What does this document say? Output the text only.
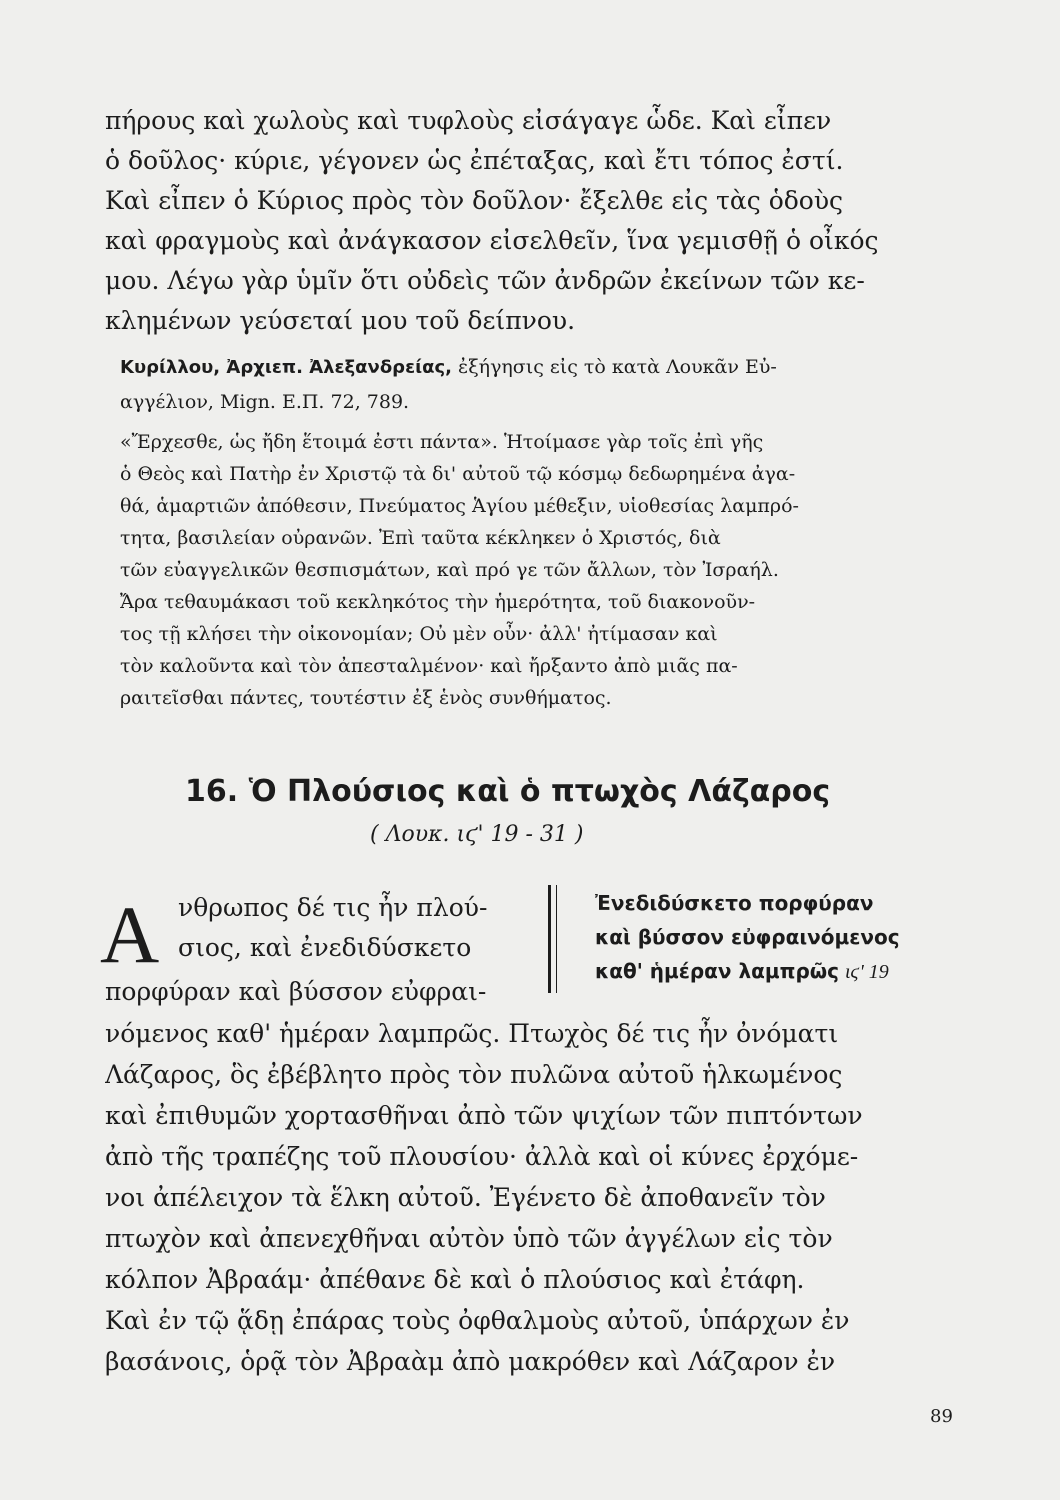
πήρους καὶ χωλοὺς καὶ τυφλοὺς εἰσάγαγε ὧδε. Καὶ εἶπεν
ὁ δοῦλος· κύριε, γέγονεν ὡς ἐπέταξας, καὶ ἔτι τόπος ἐστί.
Καὶ εἶπεν ὁ Κύριος πρὸς τὸν δοῦλον· ἔξελθε εἰς τὰς ὁδοὺς
καὶ φραγμοὺς καὶ ἀνάγκασον εἰσελθεῖν, ἵνα γεμισθῇ ὁ οἶκός
μου. Λέγω γὰρ ὑμῖν ὅτι οὐδεὶς τῶν ἀνδρῶν ἐκείνων τῶν κε-
κλημένων γεύσεταί μου τοῦ δείπνου.
Κυρίλλου, Ἀρχιεπ. Ἀλεξανδρείας, ἐξήγησις εἰς τὸ κατὰ Λουκᾶν Εὐ-
αγγέλιον, Mign. Ε.Π. 72, 789.
«Ἔρχεσθε, ὡς ἤδη ἕτοιμά ἐστι πάντα». Ἡτοίμασε γὰρ τοῖς ἐπὶ γῆς
ὁ Θεὸς καὶ Πατὴρ ἐν Χριστῷ τὰ δι' αὐτοῦ τῷ κόσμῳ δεδωρημένα ἀγα-
θά, ἁμαρτιῶν ἀπόθεσιν, Πνεύματος Ἁγίου μέθεξιν, υἱοθεσίας λαμπρό-
τητα, βασιλείαν οὐρανῶν. Ἐπὶ ταῦτα κέκληκεν ὁ Χριστός, διὰ
τῶν εὐαγγελικῶν θεσπισμάτων, καὶ πρό γε τῶν ἄλλων, τὸν Ἰσραήλ.
Ἄρα τεθαυμάκασι τοῦ κεκληκότος τὴν ἡμερότητα, τοῦ διακονοῦν-
τος τῇ κλήσει τὴν οἰκονομίαν; Οὐ μὲν οὖν· ἀλλ' ἠτίμασαν καὶ
τὸν καλοῦντα καὶ τὸν ἀπεσταλμένον· καὶ ἤρξαντο ἀπὸ μιᾶς πα-
ραιτεῖσθαι πάντες, τουτέστιν ἐξ ἑνὸς συνθήματος.
16. Ὁ Πλούσιος καὶ ὁ πτωχὸς Λάζαρος
( Λουκ. ιϛ' 19 - 31 )
Α νθρωπος δέ τις ἦν πλού-
σιος, καὶ ἐνεδιδύσκετο
Ἐνεδιδύσκετο πορφύραν
καὶ βύσσον εὐφραινόμενος
καθ' ἡμέραν λαμπρῶς ιϛ' 19
πορφύραν καὶ βύσσον εὐφραι-
νόμενος καθ' ἡμέραν λαμπρῶς. Πτωχὸς δέ τις ἦν ὀνόματι
Λάζαρος, ὃς ἐβέβλητο πρὸς τὸν πυλῶνα αὐτοῦ ἡλκωμένος
καὶ ἐπιθυμῶν χορτασθῆναι ἀπὸ τῶν ψιχίων τῶν πιπτόντων
ἀπὸ τῆς τραπέζης τοῦ πλουσίου· ἀλλὰ καὶ οἱ κύνες ἐρχόμε-
νοι ἀπέλειχον τὰ ἕλκη αὐτοῦ. Ἐγένετο δὲ ἀποθανεῖν τὸν
πτωχὸν καὶ ἀπενεχθῆναι αὐτὸν ὑπὸ τῶν ἀγγέλων εἰς τὸν
κόλπον Ἀβραάμ· ἀπέθανε δὲ καὶ ὁ πλούσιος καὶ ἐτάφη.
Καὶ ἐν τῷ ᾅδῃ ἐπάρας τοὺς ὀφθαλμοὺς αὐτοῦ, ὑπάρχων ἐν
βασάνοις, ὁρᾷ τὸν Ἀβραὰμ ἀπὸ μακρόθεν καὶ Λάζαρον ἐν
89
